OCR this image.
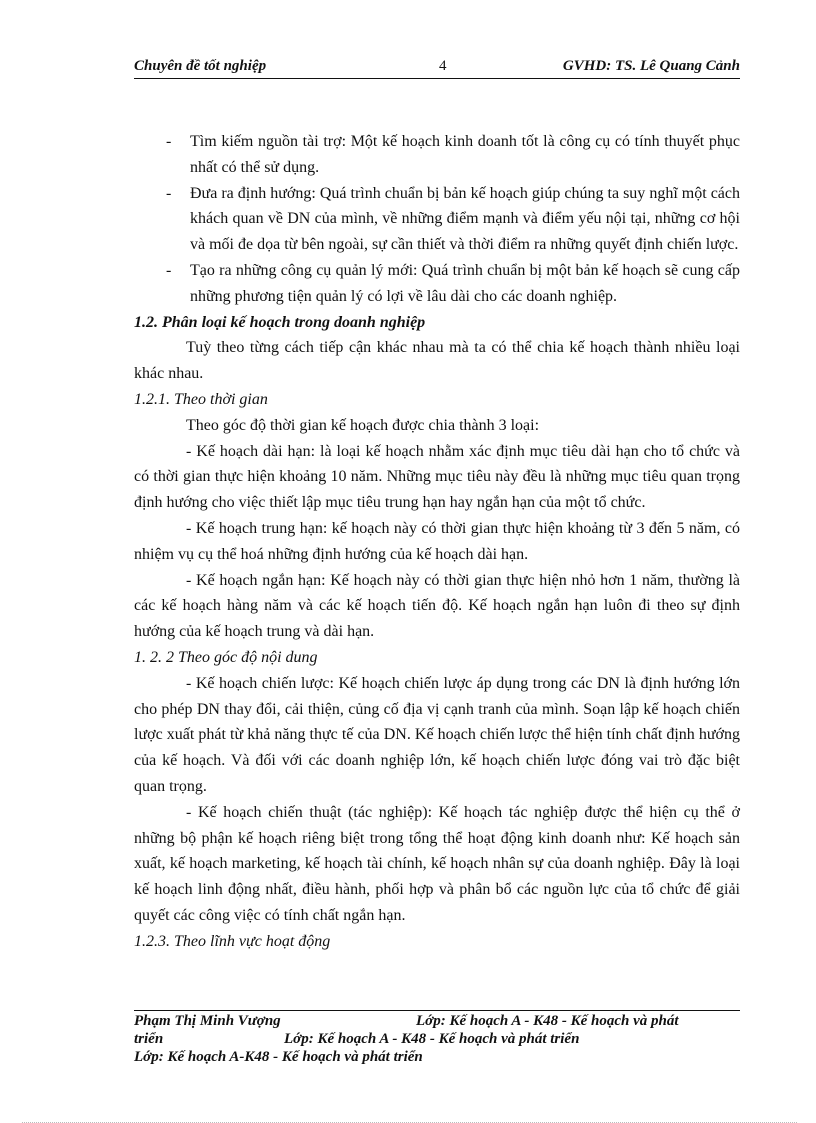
Chuyên đề tốt nghiệp	4	GVHD: TS. Lê Quang Cảnh

- Tìm kiếm nguồn tài trợ: Một kế hoạch kinh doanh tốt là công cụ có tính thuyết phục nhất có thể sử dụng.

- Đưa ra định hướng: Quá trình chuẩn bị bản kế hoạch giúp chúng ta suy nghĩ một cách khách quan về DN của mình, về những điểm mạnh và điểm yếu nội tại, những cơ hội và mối đe dọa từ bên ngoài, sự cần thiết và thời điểm ra những quyết định chiến lược.

- Tạo ra những công cụ quản lý mới: Quá trình chuẩn bị một bản kế hoạch sẽ cung cấp những phương tiện quản lý có lợi về lâu dài cho các doanh nghiệp.

1.2. Phân loại kế hoạch trong doanh nghiệp

Tuỳ theo từng cách tiếp cận khác nhau mà ta có thể chia kế hoạch thành nhiều loại khác nhau.

1.2.1. Theo thời gian

Theo góc độ thời gian kế hoạch được chia thành 3 loại:

- Kế hoạch dài hạn: là loại kế hoạch nhằm xác định mục tiêu dài hạn cho tổ chức và có thời gian thực hiện khoảng 10 năm. Những mục tiêu này đều là những mục tiêu quan trọng định hướng cho việc thiết lập mục tiêu trung hạn hay ngắn hạn của một tổ chức.

- Kế hoạch trung hạn: kế hoạch này có thời gian thực hiện khoảng từ 3 đến 5 năm, có nhiệm vụ cụ thể hoá những định hướng của kế hoạch dài hạn.

- Kế hoạch ngắn hạn: Kế hoạch này có thời gian thực hiện nhỏ hơn 1 năm, thường là các kế hoạch hàng năm và các kế hoạch tiến độ. Kế hoạch ngắn hạn luôn đi theo sự định hướng của kế hoạch trung và dài hạn.

1. 2. 2 Theo góc độ nội dung

- Kế hoạch chiến lược: Kế hoạch chiến lược áp dụng trong các DN là định hướng lớn cho phép DN thay đổi, cải thiện, củng cố địa vị cạnh tranh của mình. Soạn lập kế hoạch chiến lược xuất phát từ khả năng thực tế của DN. Kế hoạch chiến lược thể hiện tính chất định hướng của kế hoạch. Và đối với các doanh nghiệp lớn, kế hoạch chiến lược đóng vai trò đặc biệt quan trọng.

- Kế hoạch chiến thuật (tác nghiệp): Kế hoạch tác nghiệp được thể hiện cụ thể ở những bộ phận kế hoạch riêng biệt trong tổng thể hoạt động kinh doanh như: Kế hoạch sản xuất, kế hoạch marketing, kế hoạch tài chính, kế hoạch nhân sự của doanh nghiệp. Đây là loại kế hoạch linh động nhất, điều hành, phối hợp và phân bổ các nguồn lực của tổ chức để giải quyết các công việc có tính chất ngắn hạn.

1.2.3. Theo lĩnh vực hoạt động

Phạm Thị Minh Vượng	Lớp: Kế hoạch A - K48 - Kế hoạch và phát
triển	Lớp: Kế hoạch A - K48 - Kế hoạch và phát triển
Lớp: Kế hoạch A-K48 - Kế hoạch và phát triển
